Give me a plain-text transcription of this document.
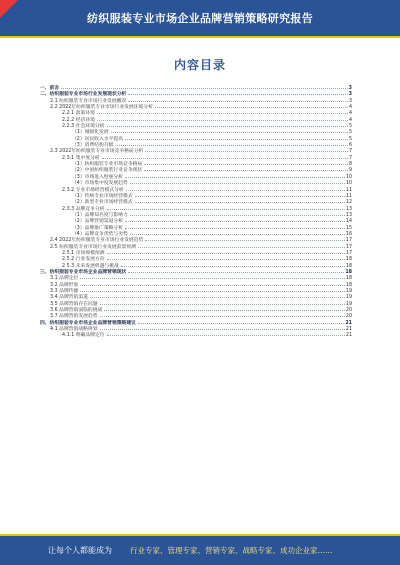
纺织服装专业市场企业品牌营销策略研究报告
内容目录
一、前言	3
二、纺织服装专业市场行业发展现状分析	3
2.1 纺织服装专业市场行业发展概况	3
2.2 2022年纺织服装专业市场行业发展环境分析	4
2.2.1 政策环境	4
2.2.2 经济环境	4
2.2.3 社会环境分析	5
（1）城镇化发展	5
（2）居民收入水平提高	5
（3）消费结构升级	6
2.3 2022年纺织服装专业市场竞争格局分析	7
2.3.1 集中度分析	7
（1）纺织服装专业市场竞争格局	8
（2）中国纺织服装行业竞争现状	9
（3）市场进入壁垒分析	10
（4）市场集中度发展趋势	10
2.3.2 专业市场经营模式分析	11
（1）传统专业市场经营模式	11
（2）新型专业市场经营模式	12
2.3.3 品牌竞争分析	13
（1）品牌知名度与影响力	13
（2）品牌营销渠道分析	14
（3）品牌推广策略分析	15
（4）品牌竞争优势与劣势	16
2.4 2022年纺织服装专业市场行业发展趋势	17
2.5 纺织服装专业市场行业发展前景预测	17
2.5.1 市场规模预测	17
2.5.2 行业发展方向	18
2.5.3 未来发展机遇与挑战	18
三、纺织服装专业市场企业品牌营销现状	18
3.1 品牌定位	18
3.2 品牌形象	18
3.3 品牌传播	19
3.4 品牌营销渠道	19
3.5 品牌营销存在问题	19
3.6 品牌营销面临的挑战	20
3.7 品牌营销发展趋势	20
四、纺织服装专业市场企业品牌营销策略建议	21
4.1 品牌营销战略规划	21
4.1.1 明确品牌定位	21
让每个人都能成为 行业专家、管理专家、营销专家、战略专家、成功企业家……
